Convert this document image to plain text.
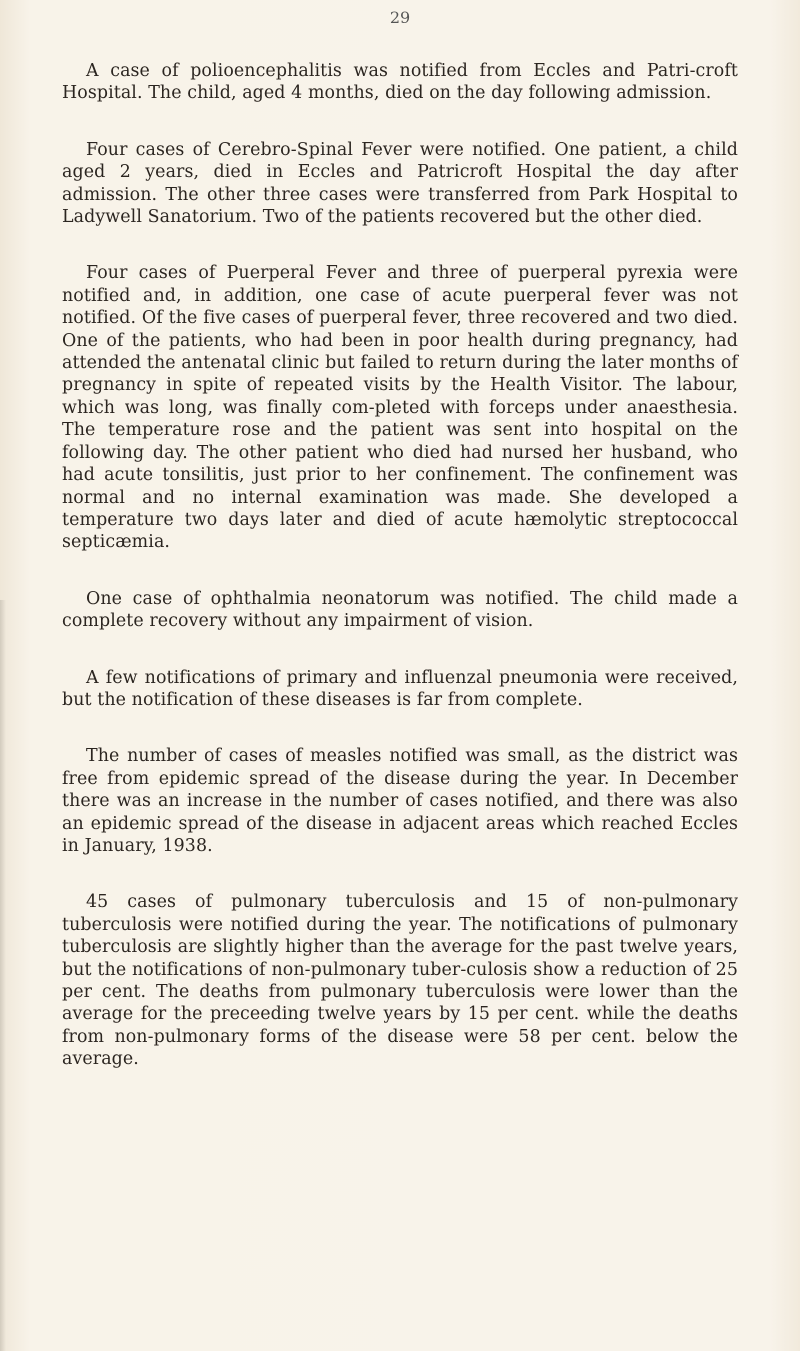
29

A case of polioencephalitis was notified from Eccles and Patri-croft Hospital. The child, aged 4 months, died on the day following admission.

Four cases of Cerebro-Spinal Fever were notified. One patient, a child aged 2 years, died in Eccles and Patricroft Hospital the day after admission. The other three cases were transferred from Park Hospital to Ladywell Sanatorium. Two of the patients recovered but the other died.

Four cases of Puerperal Fever and three of puerperal pyrexia were notified and, in addition, one case of acute puerperal fever was not notified. Of the five cases of puerperal fever, three recovered and two died. One of the patients, who had been in poor health during pregnancy, had attended the antenatal clinic but failed to return during the later months of pregnancy in spite of repeated visits by the Health Visitor. The labour, which was long, was finally com-pleted with forceps under anaesthesia. The temperature rose and the patient was sent into hospital on the following day. The other patient who died had nursed her husband, who had acute tonsilitis, just prior to her confinement. The confinement was normal and no internal examination was made. She developed a temperature two days later and died of acute hæmolytic streptococcal septicæmia.

One case of ophthalmia neonatorum was notified. The child made a complete recovery without any impairment of vision.

A few notifications of primary and influenzal pneumonia were received, but the notification of these diseases is far from complete.

The number of cases of measles notified was small, as the district was free from epidemic spread of the disease during the year. In December there was an increase in the number of cases notified, and there was also an epidemic spread of the disease in adjacent areas which reached Eccles in January, 1938.

45 cases of pulmonary tuberculosis and 15 of non-pulmonary tuberculosis were notified during the year. The notifications of pulmonary tuberculosis are slightly higher than the average for the past twelve years, but the notifications of non-pulmonary tuber-culosis show a reduction of 25 per cent. The deaths from pulmonary tuberculosis were lower than the average for the preceeding twelve years by 15 per cent. while the deaths from non-pulmonary forms of the disease were 58 per cent. below the average.
